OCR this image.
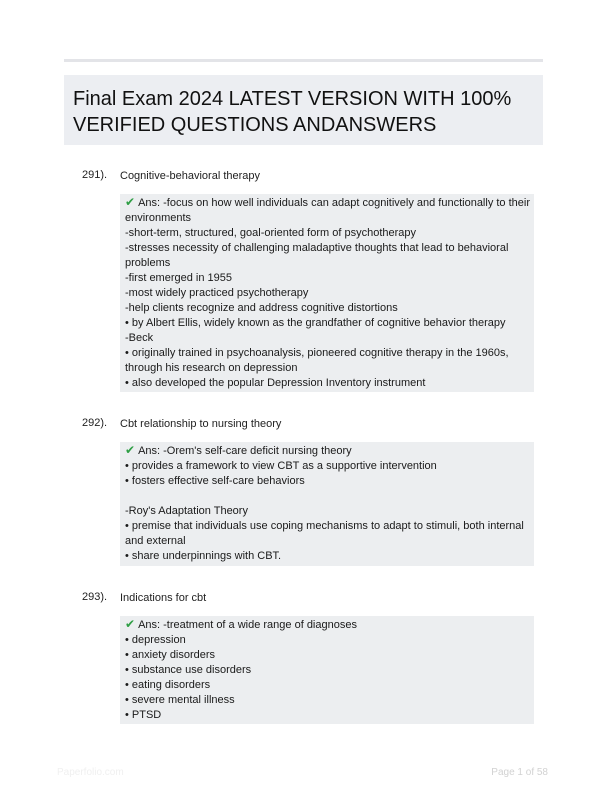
Final Exam 2024 LATEST VERSION WITH 100%
VERIFIED QUESTIONS ANDANSWERS
291). Cognitive-behavioral therapy
✔ Ans: -focus on how well individuals can adapt cognitively and functionally to their
environments
-short-term, structured, goal-oriented form of psychotherapy
-stresses necessity of challenging maladaptive thoughts that lead to behavioral
problems
-first emerged in 1955
-most widely practiced psychotherapy
-help clients recognize and address cognitive distortions
• by Albert Ellis, widely known as the grandfather of cognitive behavior therapy
-Beck
• originally trained in psychoanalysis, pioneered cognitive therapy in the 1960s,
through his research on depression
• also developed the popular Depression Inventory instrument
292). Cbt relationship to nursing theory
✔ Ans: -Orem's self-care deficit nursing theory
• provides a framework to view CBT as a supportive intervention
• fosters effective self-care behaviors
-Roy's Adaptation Theory
• premise that individuals use coping mechanisms to adapt to stimuli, both internal
and external
• share underpinnings with CBT.
293). Indications for cbt
✔ Ans: -treatment of a wide range of diagnoses
• depression
• anxiety disorders
• substance use disorders
• eating disorders
• severe mental illness
• PTSD
Paperfolio.com	Page 1 of 58
